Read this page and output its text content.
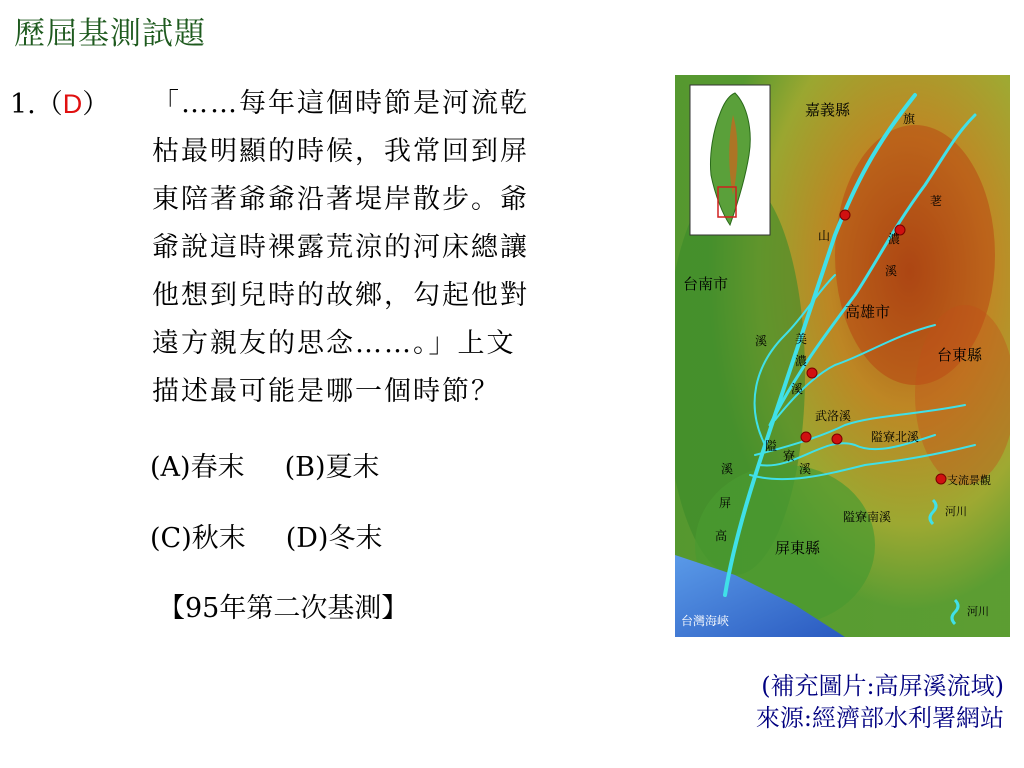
歷屆基測試題
1.（D） 「……每年這個時節是河流乾
枯最明顯的時候，我常回到屏
東陪著爺爺沿著堤岸散步。爺
爺說這時裸露荒涼的河床總讓
他想到兒時的故鄉，勾起他對
遠方親友的思念……。」上文
描述最可能是哪一個時節？
(A)春末 (B)夏末
(C)秋末 (D)冬末
【95年第二次基測】
嘉義縣
台南市
高雄市
台東縣
屏東縣
台灣海峽
旗
山
荖
濃
溪
美
濃
溪
溪
武洛溪
隘寮北溪
隘寮南溪
隘
寮
溪
溪
屏
高
支流景觀
河川
河川
(補充圖片:高屏溪流域)
來源:經濟部水利署網站
